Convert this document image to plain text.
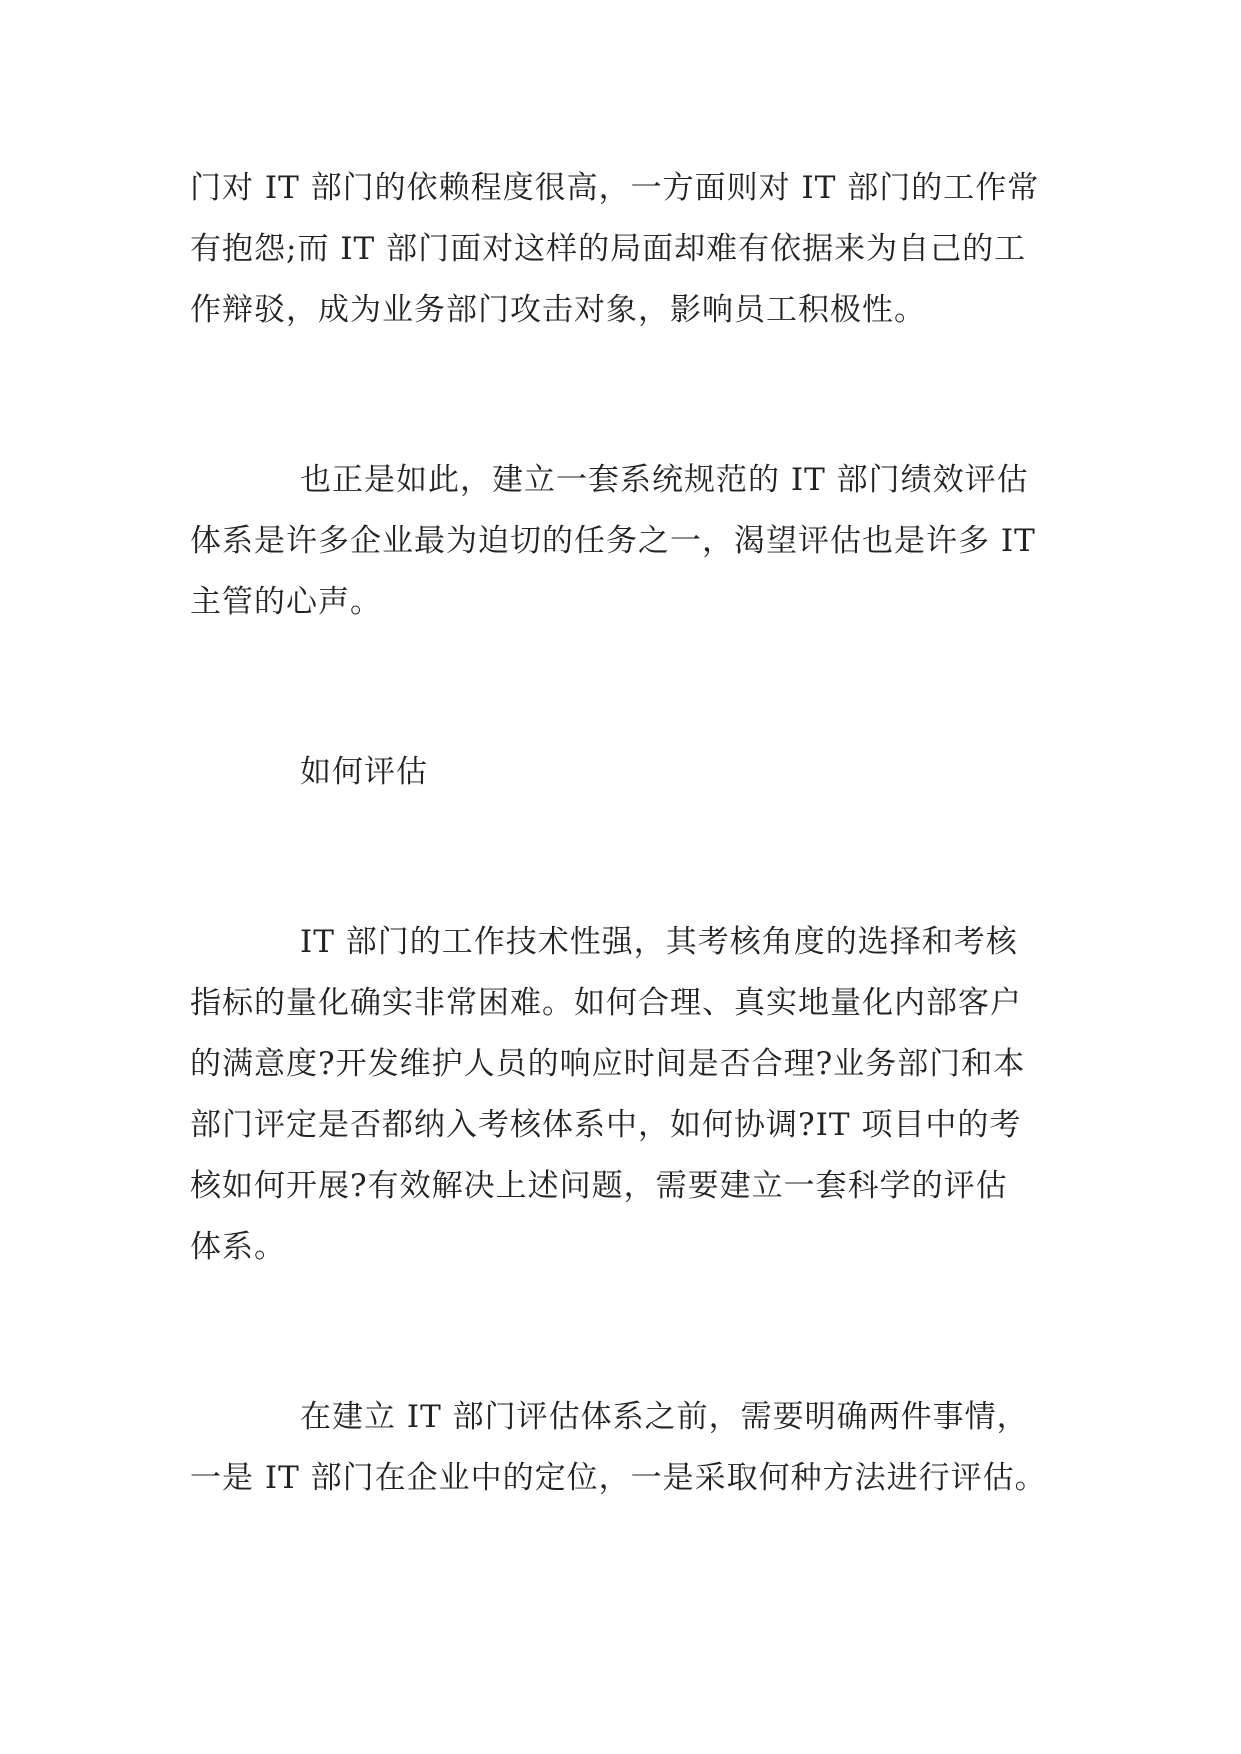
门对 IT 部门的依赖程度很高，一方面则对 IT 部门的工作常
有抱怨;而 IT 部门面对这样的局面却难有依据来为自己的工
作辩驳，成为业务部门攻击对象，影响员工积极性。
也正是如此，建立一套系统规范的 IT 部门绩效评估
体系是许多企业最为迫切的任务之一，渴望评估也是许多 IT
主管的心声。
如何评估
IT 部门的工作技术性强，其考核角度的选择和考核
指标的量化确实非常困难。如何合理、真实地量化内部客户
的满意度?开发维护人员的响应时间是否合理?业务部门和本
部门评定是否都纳入考核体系中，如何协调?IT 项目中的考
核如何开展?有效解决上述问题，需要建立一套科学的评估
体系。
在建立 IT 部门评估体系之前，需要明确两件事情，
一是 IT 部门在企业中的定位，一是采取何种方法进行评估。
